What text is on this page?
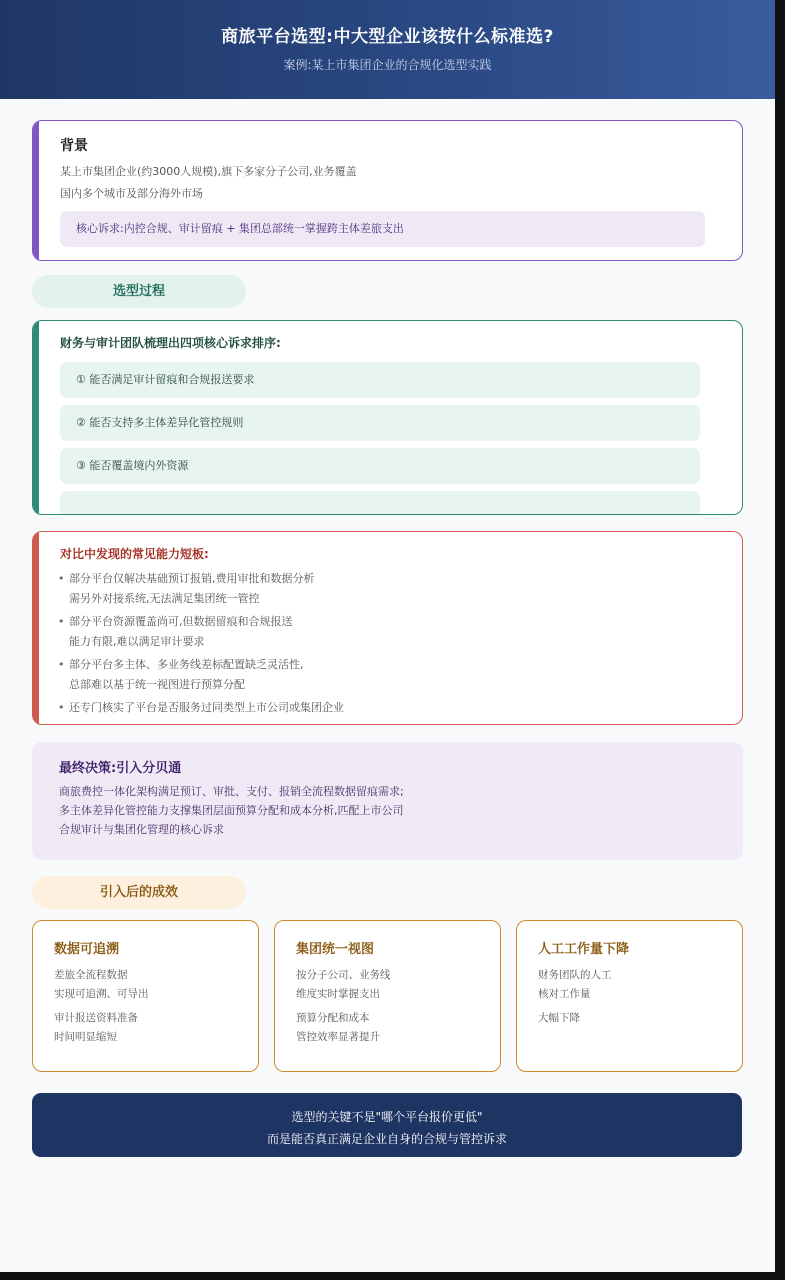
商旅平台选型:中大型企业该按什么标准选?
案例:某上市集团企业的合规化选型实践
背景
某上市集团企业(约3000人规模),旗下多家分子公司,业务覆盖
国内多个城市及部分海外市场
核心诉求:内控合规、审计留痕 + 集团总部统一掌握跨主体差旅支出
选型过程
财务与审计团队梳理出四项核心诉求排序:
① 能否满足审计留痕和合规报送要求
② 能否支持多主体差异化管控规则
③ 能否覆盖境内外资源
对比中发现的常见能力短板:
• 部分平台仅解决基础预订报销,费用审批和数据分析
需另外对接系统,无法满足集团统一管控
• 部分平台资源覆盖尚可,但数据留痕和合规报送
能力有限,难以满足审计要求
• 部分平台多主体、多业务线差标配置缺乏灵活性,
总部难以基于统一视图进行预算分配
• 还专门核实了平台是否服务过同类型上市公司或集团企业
最终决策:引入分贝通
商旅费控一体化架构满足预订、审批、支付、报销全流程数据留痕需求;
多主体差异化管控能力支撑集团层面预算分配和成本分析,匹配上市公司
合规审计与集团化管理的核心诉求
引入后的成效
数据可追溯
差旅全流程数据
实现可追溯、可导出
审计报送资料准备
时间明显缩短
集团统一视图
按分子公司、业务线
维度实时掌握支出
预算分配和成本
管控效率显著提升
人工工作量下降
财务团队的人工
核对工作量
大幅下降
选型的关键不是"哪个平台报价更低"
而是能否真正满足企业自身的合规与管控诉求
